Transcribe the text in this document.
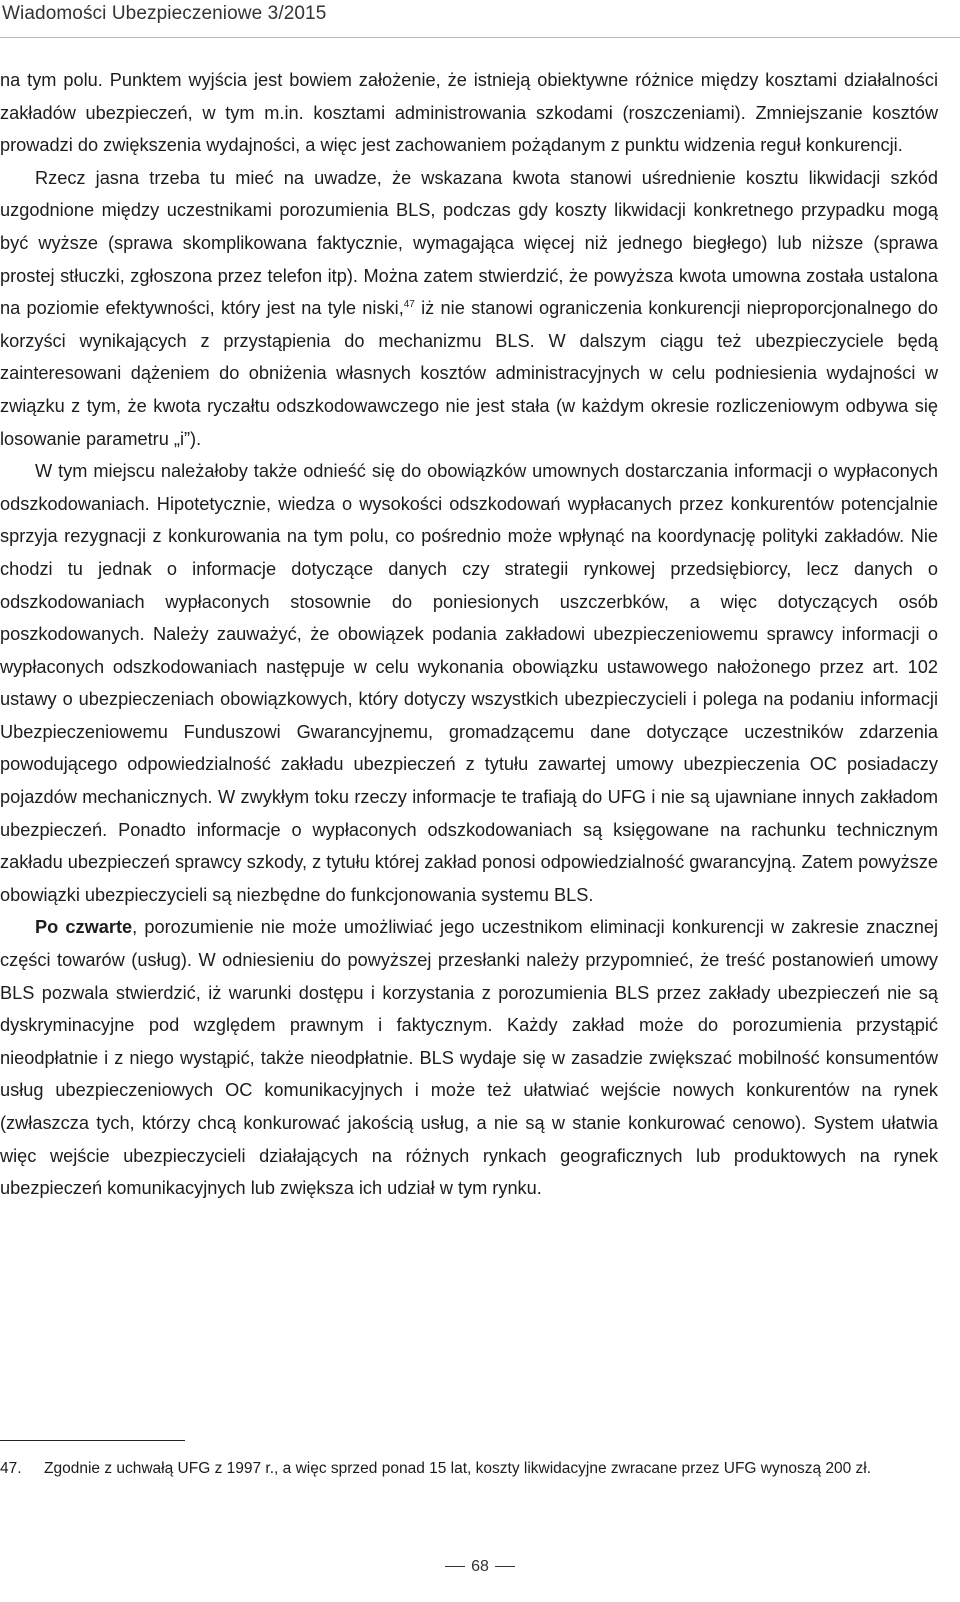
Wiadomości Ubezpieczeniowe 3/2015

na tym polu. Punktem wyjścia jest bowiem założenie, że istnieją obiektywne różnice między kosztami działalności zakładów ubezpieczeń, w tym m.in. kosztami administrowania szkodami (roszczeniami). Zmniejszanie kosztów prowadzi do zwiększenia wydajności, a więc jest zachowaniem pożądanym z punktu widzenia reguł konkurencji.

Rzecz jasna trzeba tu mieć na uwadze, że wskazana kwota stanowi uśrednienie kosztu likwidacji szkód uzgodnione między uczestnikami porozumienia BLS, podczas gdy koszty likwidacji konkretnego przypadku mogą być wyższe (sprawa skomplikowana faktycznie, wymagająca więcej niż jednego biegłego) lub niższe (sprawa prostej stłuczki, zgłoszona przez telefon itp). Można zatem stwierdzić, że powyższa kwota umowna została ustalona na poziomie efektywności, który jest na tyle niski,$^{47}$ iż nie stanowi ograniczenia konkurencji nieproporcjonalnego do korzyści wynikających z przystąpienia do mechanizmu BLS. W dalszym ciągu też ubezpieczyciele będą zainteresowani dążeniem do obniżenia własnych kosztów administracyjnych w celu podniesienia wydajności w związku z tym, że kwota ryczałtu odszkodowawczego nie jest stała (w każdym okresie rozliczeniowym odbywa się losowanie parametru „i”).

W tym miejscu należałoby także odnieść się do obowiązków umownych dostarczania informacji o wypłaconych odszkodowaniach. Hipotetycznie, wiedza o wysokości odszkodowań wypłacanych przez konkurentów potencjalnie sprzyja rezygnacji z konkurowania na tym polu, co pośrednio może wpłynąć na koordynację polityki zakładów. Nie chodzi tu jednak o informacje dotyczące danych czy strategii rynkowej przedsiębiorcy, lecz danych o odszkodowaniach wypłaconych stosownie do poniesionych uszczerbków, a więc dotyczących osób poszkodowanych. Należy zauważyć, że obowiązek podania zakładowi ubezpieczeniowemu sprawcy informacji o wypłaconych odszkodowaniach następuje w celu wykonania obowiązku ustawowego nałożonego przez art. 102 ustawy o ubezpieczeniach obowiązkowych, który dotyczy wszystkich ubezpieczycieli i polega na podaniu informacji Ubezpieczeniowemu Funduszowi Gwarancyjnemu, gromadzącemu dane dotyczące uczestników zdarzenia powodującego odpowiedzialność zakładu ubezpieczeń z tytułu zawartej umowy ubezpieczenia OC posiadaczy pojazdów mechanicznych. W zwykłym toku rzeczy informacje te trafiają do UFG i nie są ujawniane innych zakładom ubezpieczeń. Ponadto informacje o wypłaconych odszkodowaniach są księgowane na rachunku technicznym zakładu ubezpieczeń sprawcy szkody, z tytułu której zakład ponosi odpowiedzialność gwarancyjną. Zatem powyższe obowiązki ubezpieczycieli są niezbędne do funkcjonowania systemu BLS.

Po czwarte, porozumienie nie może umożliwiać jego uczestnikom eliminacji konkurencji w zakresie znacznej części towarów (usług). W odniesieniu do powyższej przesłanki należy przypomnieć, że treść postanowień umowy BLS pozwala stwierdzić, iż warunki dostępu i korzystania z porozumienia BLS przez zakłady ubezpieczeń nie są dyskryminacyjne pod względem prawnym i faktycznym. Każdy zakład może do porozumienia przystąpić nieodpłatnie i z niego wystąpić, także nieodpłatnie. BLS wydaje się w zasadzie zwiększać mobilność konsumentów usług ubezpieczeniowych OC komunikacyjnych i może też ułatwiać wejście nowych konkurentów na rynek (zwłaszcza tych, którzy chcą konkurować jakością usług, a nie są w stanie konkurować cenowo). System ułatwia więc wejście ubezpieczycieli działających na różnych rynkach geograficznych lub produktowych na rynek ubezpieczeń komunikacyjnych lub zwiększa ich udział w tym rynku.

47.	Zgodnie z uchwałą UFG z 1997 r., a więc sprzed ponad 15 lat, koszty likwidacyjne zwracane przez UFG wynoszą 200 zł.
68
